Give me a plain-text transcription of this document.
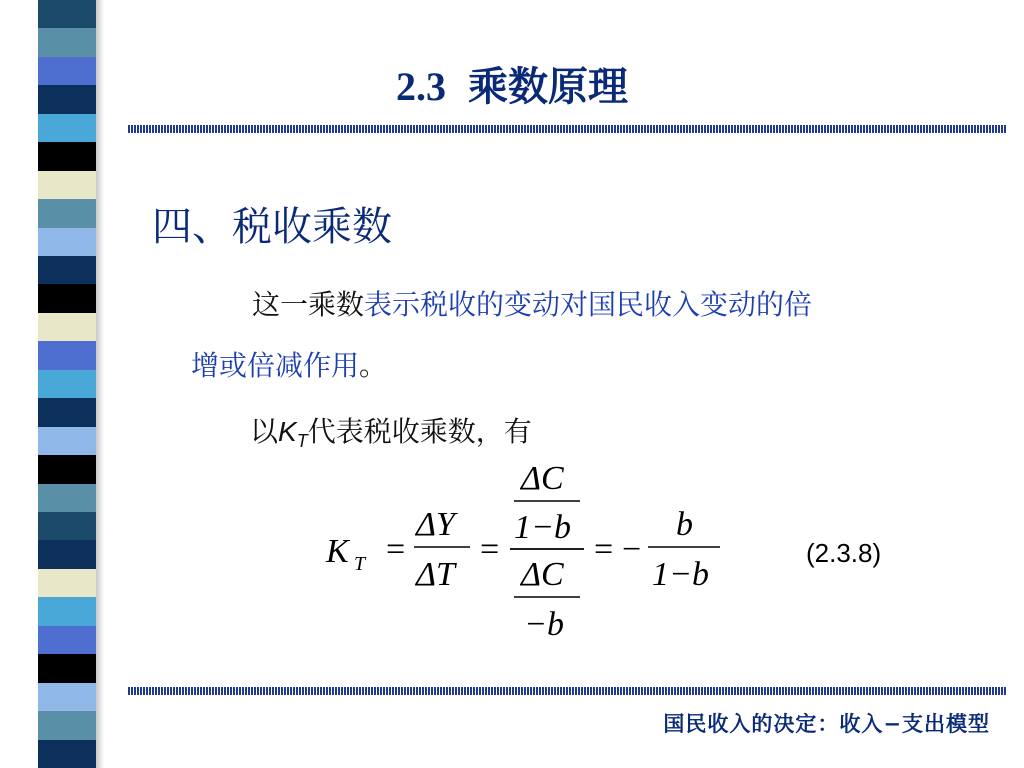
2.3 乘数原理
四、税收乘数
这一乘数表示税收的变动对国民收入变动的倍
增或倍减作用。
以$K_T$代表税收乘数，有
K T =
ΔY
ΔT
=
ΔC
1−b
ΔC
−b
= −
b
1−b
(2.3.8)
国民收入的决定：收入−支出模型
